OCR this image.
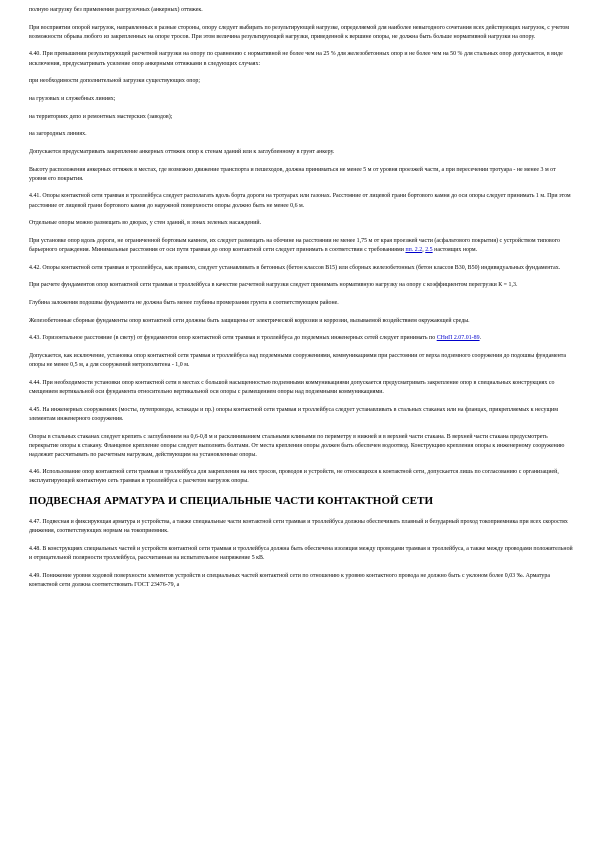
полную нагрузку без применения разгрузочных (анкерных) оттяжек.

При восприятии опорой нагрузок, направленных в разные стороны, опору следует выбирать по результирующей нагрузке, определяемой для наиболее невыгодного сочетания всех действующих нагрузок, с учетом возможности обрыва любого из закрепленных на опоре тросов. При этом величина результирующей нагрузки, приведенной к вершине опоры, не должна быть больше нормативной нагрузки на опору.

4.40. При превышении результирующей расчетной нагрузки на опору по сравнению с нормативной не более чем на 25 % для железобетонных опор и не более чем на 50 % для стальных опор допускается, в виде исключения, предусматривать усиление опор анкерными оттяжками в следующих случаях:

при необходимости дополнительной загрузки существующих опор;

на грузовых и служебных линиях;

на территориях депо и ремонтных мастерских (заводов);

на загородных линиях.

Допускается предусматривать закрепление анкерных оттяжек опор к стенам зданий или к заглубленному в грунт анкеру.

Высоту расположения анкерных оттяжек в местах, где возможно движение транспорта и пешеходов, должна приниматься не менее 5 м от уровня проезжей части, а при пересечении тротуара - не менее 3 м от уровня его покрытия.

4.41. Опоры контактной сети трамвая и троллейбуса следует располагать вдоль борта дороги на тротуарах или газонах. Расстояние от лицевой грани бортового камня до оси опоры следует принимать 1 м. При этом расстояние от лицевой грани бортового камня до наружной поверхности опоры должно быть не менее 0,6 м.

Отдельные опоры можно размещать во дворах, у стен зданий, в зонах зеленых насаждений.

При установке опор вдоль дороги, не ограниченной бортовым камнем, их следует размещать на обочине на расстоянии не менее 1,75 м от края проезжей части (асфальтового покрытия) с устройством типового барьерного ограждения. Минимальные расстояния от оси пути трамвая до опор контактной сети следует принимать в соответствии с требованиями пп. 2.2, 2.5 настоящих норм.

4.42. Опоры контактной сети трамвая и троллейбуса, как правило, следует устанавливать в бетонных (бетон классов В15) или сборных железобетонных (бетон классов В30, В50) индивидуальных фундаментах.

При расчете фундаментов опор контактной сети трамвая и троллейбуса в качестве расчетной нагрузки следует принимать нормативную нагрузку на опору с коэффициентом перегрузки К = 1,3.

Глубина заложения подошвы фундамента не должна быть менее глубины промерзания грунта в соответствующем районе.

Железобетонные сборные фундаменты опор контактной сети должны быть защищены от электрической коррозии и коррозии, вызываемой воздействием окружающей среды.

4.43. Горизонтальное расстояние (в свету) от фундаментов опор контактной сети трамвая и троллейбуса до подземных инженерных сетей следует принимать по СНиП 2.07.01-89.

Допускается, как исключение, установка опор контактной сети трамвая и троллейбуса над подземными сооружениями, коммуникациями при расстоянии от верха подземного сооружения до подошвы фундамента опоры не менее 0,5 м, а для сооружений метрополитена - 1,0 м.

4.44. При необходимости установки опор контактной сети в местах с большой насыщенностью подземными коммуникациями допускается предусматривать закрепление опор в специальных конструкциях со смещением вертикальной оси фундамента относительно вертикальной оси опоры с размещением опоры над подземными коммуникациями.

4.45. На инженерных сооружениях (мосты, путепроводы, эстакады и пр.) опоры контактной сети трамвая и троллейбуса следует устанавливать в стальных стаканах или на фланцах, прикрепляемых к несущим элементам инженерного сооружения.

Опоры в стальных стаканах следует крепить с заглублением на 0,6-0,8 м и расклиниванием стальными клиньями по периметру в нижней и в верхней части стакана. В верхней части стакана предусмотреть перекрытие опоры к стакану. Фланцевое крепление опоры следует выполнять болтами. От места крепления опоры должен быть обеспечен водоотвод. Конструкцию крепления опоры к инженерному сооружению надлежит рассчитывать по расчетным нагрузкам, действующим на установленные опоры.

4.46. Использование опор контактной сети трамвая и троллейбуса для закрепления на них тросов, проводов и устройств, не относящихся к контактной сети, допускается лишь по согласованию с организацией, эксплуатирующей контактную сеть трамвая и троллейбуса с расчетом нагрузок опоры.

ПОДВЕСНАЯ АРМАТУРА И СПЕЦИАЛЬНЫЕ ЧАСТИ КОНТАКТНОЙ СЕТИ

4.47. Подвесная и фиксирующая арматура и устройства, а также специальные части контактной сети трамвая и троллейбуса должны обеспечивать плавный и безударный проход токоприемника при всех скоростях движения, соответствующих нормам на токоприемник.

4.48. В конструкциях специальных частей и устройств контактной сети трамвая и троллейбуса должна быть обеспечена изоляция между проводами трамвая и троллейбуса, а также между проводами положительной и отрицательной полярности троллейбуса, рассчитанная на испытательное напряжение 5 кВ.

4.49. Понижение уровня ходовой поверхности элементов устройств и специальных частей контактной сети по отношению к уровню контактного провода не должно быть с уклоном более 0,03 ‰. Арматура контактной сети должна соответствовать ГОСТ 23476-79, а
